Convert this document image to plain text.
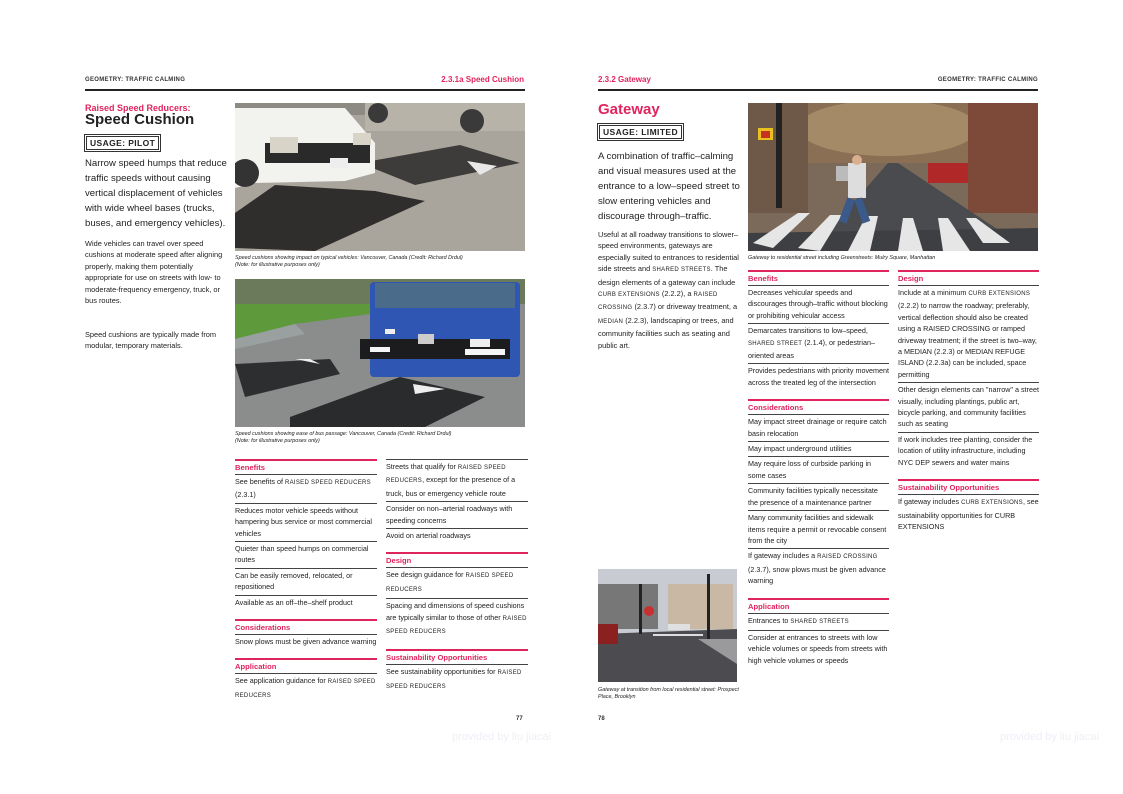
GEOMETRY: TRAFFIC CALMING	2.3.1a Speed Cushion
Raised Speed Reducers:
Speed Cushion
USAGE: PILOT
Narrow speed humps that reduce traffic speeds without causing vertical displacement of vehicles with wide wheel bases (trucks, buses, and emergency vehicles).
Wide vehicles can travel over speed cushions at moderate speed after aligning properly, making them potentially appropriate for use on streets with low- to moderate-frequency emergency, truck, or bus routes.
Speed cushions are typically made from modular, temporary materials.
Speed cushions showing impact on typical vehicles: Vancouver, Canada (Credit: Richard Drdul)
(Note: for illustrative purposes only)
Speed cushions showing ease of bus passage: Vancouver, Canada (Credit: Richard Drdul)
(Note: for illustrative purposes only)
Benefits
See benefits of RAISED SPEED REDUCERS (2.3.1)
Reduces motor vehicle speeds without hampering bus service or most commercial vehicles
Quieter than speed humps on commercial routes
Can be easily removed, relocated, or repositioned
Available as an off–the–shelf product
Considerations
Snow plows must be given advance warning
Application
See application guidance for RAISED SPEED REDUCERS
Streets that qualify for RAISED SPEED REDUCERS, except for the presence of a truck, bus or emergency vehicle route
Consider on non–arterial roadways with speeding concerns
Avoid on arterial roadways
Design
See design guidance for RAISED SPEED REDUCERS
Spacing and dimensions of speed cushions are typically similar to those of other RAISED SPEED REDUCERS
Sustainability Opportunities
See sustainability opportunities for RAISED SPEED REDUCERS
77
provided by liu jiacai
2.3.2 Gateway	GEOMETRY: TRAFFIC CALMING
Gateway
USAGE: LIMITED
A combination of traffic–calming and visual measures used at the entrance to a low–speed street to slow entering vehicles and discourage through–traffic.
Useful at all roadway transitions to slower–speed environments, gateways are especially suited to entrances to residential side streets and SHARED STREETS. The design elements of a gateway can include CURB EXTENSIONS (2.2.2), a RAISED CROSSING (2.3.7) or driveway treatment, a MEDIAN (2.2.3), landscaping or trees, and community facilities such as seating and public art.
Gateway to residential street including Greenstreets: Mulry Square, Manhattan
Gateway at transition from local residential street: Prospect Place, Brooklyn
Benefits
Decreases vehicular speeds and discourages through–traffic without blocking or prohibiting vehicular access
Demarcates transitions to low–speed, SHARED STREET (2.1.4), or pedestrian–oriented areas
Provides pedestrians with priority movement across the treated leg of the intersection
Considerations
May impact street drainage or require catch basin relocation
May impact underground utilities
May require loss of curbside parking in some cases
Community facilities typically necessitate the presence of a maintenance partner
Many community facilities and sidewalk items require a permit or revocable consent from the city
If gateway includes a RAISED CROSSING (2.3.7), snow plows must be given advance warning
Application
Entrances to SHARED STREETS
Consider at entrances to streets with low vehicle volumes or speeds from streets with high vehicle volumes or speeds
Design
Include at a minimum CURB EXTENSIONS (2.2.2) to narrow the roadway; preferably, vertical deflection should also be created using a RAISED CROSSING or ramped driveway treatment; if the street is two–way, a MEDIAN (2.2.3) or MEDIAN REFUGE ISLAND (2.2.3a) can be included, space permitting
Other design elements can "narrow" a street visually, including plantings, public art, bicycle parking, and community facilities such as seating
If work includes tree planting, consider the location of utility infrastructure, including NYC DEP sewers and water mains
Sustainability Opportunities
If gateway includes CURB EXTENSIONS, see sustainability opportunities for CURB EXTENSIONS
78
provided by liu jiacai
